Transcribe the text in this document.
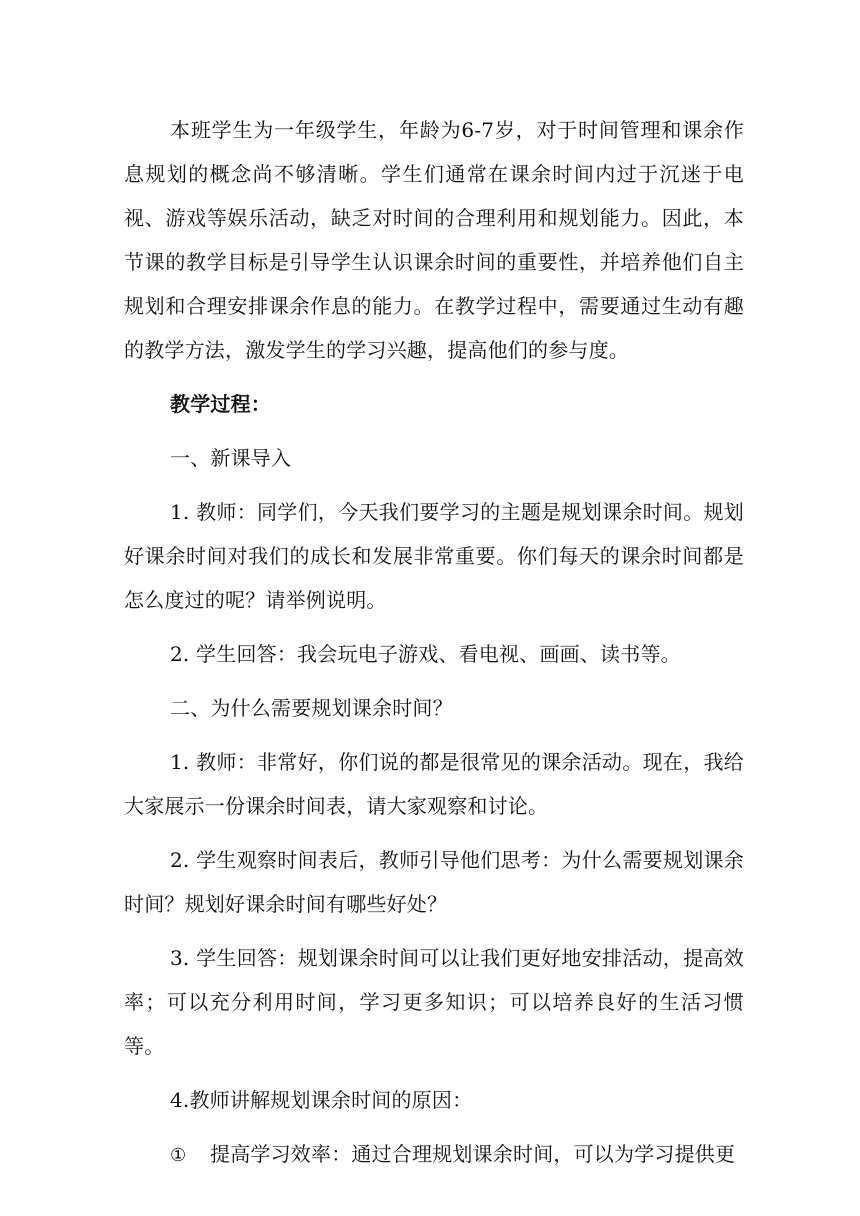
本班学生为一年级学生，年龄为6-7岁，对于时间管理和课余作息规划的概念尚不够清晰。学生们通常在课余时间内过于沉迷于电视、游戏等娱乐活动，缺乏对时间的合理利用和规划能力。因此，本节课的教学目标是引导学生认识课余时间的重要性，并培养他们自主规划和合理安排课余作息的能力。在教学过程中，需要通过生动有趣的教学方法，激发学生的学习兴趣，提高他们的参与度。

教学过程：

一、新课导入

1. 教师：同学们，今天我们要学习的主题是规划课余时间。规划好课余时间对我们的成长和发展非常重要。你们每天的课余时间都是怎么度过的呢？请举例说明。

2. 学生回答：我会玩电子游戏、看电视、画画、读书等。

二、为什么需要规划课余时间？

1. 教师：非常好，你们说的都是很常见的课余活动。现在，我给大家展示一份课余时间表，请大家观察和讨论。

2. 学生观察时间表后，教师引导他们思考：为什么需要规划课余时间？规划好课余时间有哪些好处？

3. 学生回答：规划课余时间可以让我们更好地安排活动，提高效率；可以充分利用时间，学习更多知识；可以培养良好的生活习惯等。

4.教师讲解规划课余时间的原因：

①	提高学习效率：通过合理规划课余时间，可以为学习提供更
